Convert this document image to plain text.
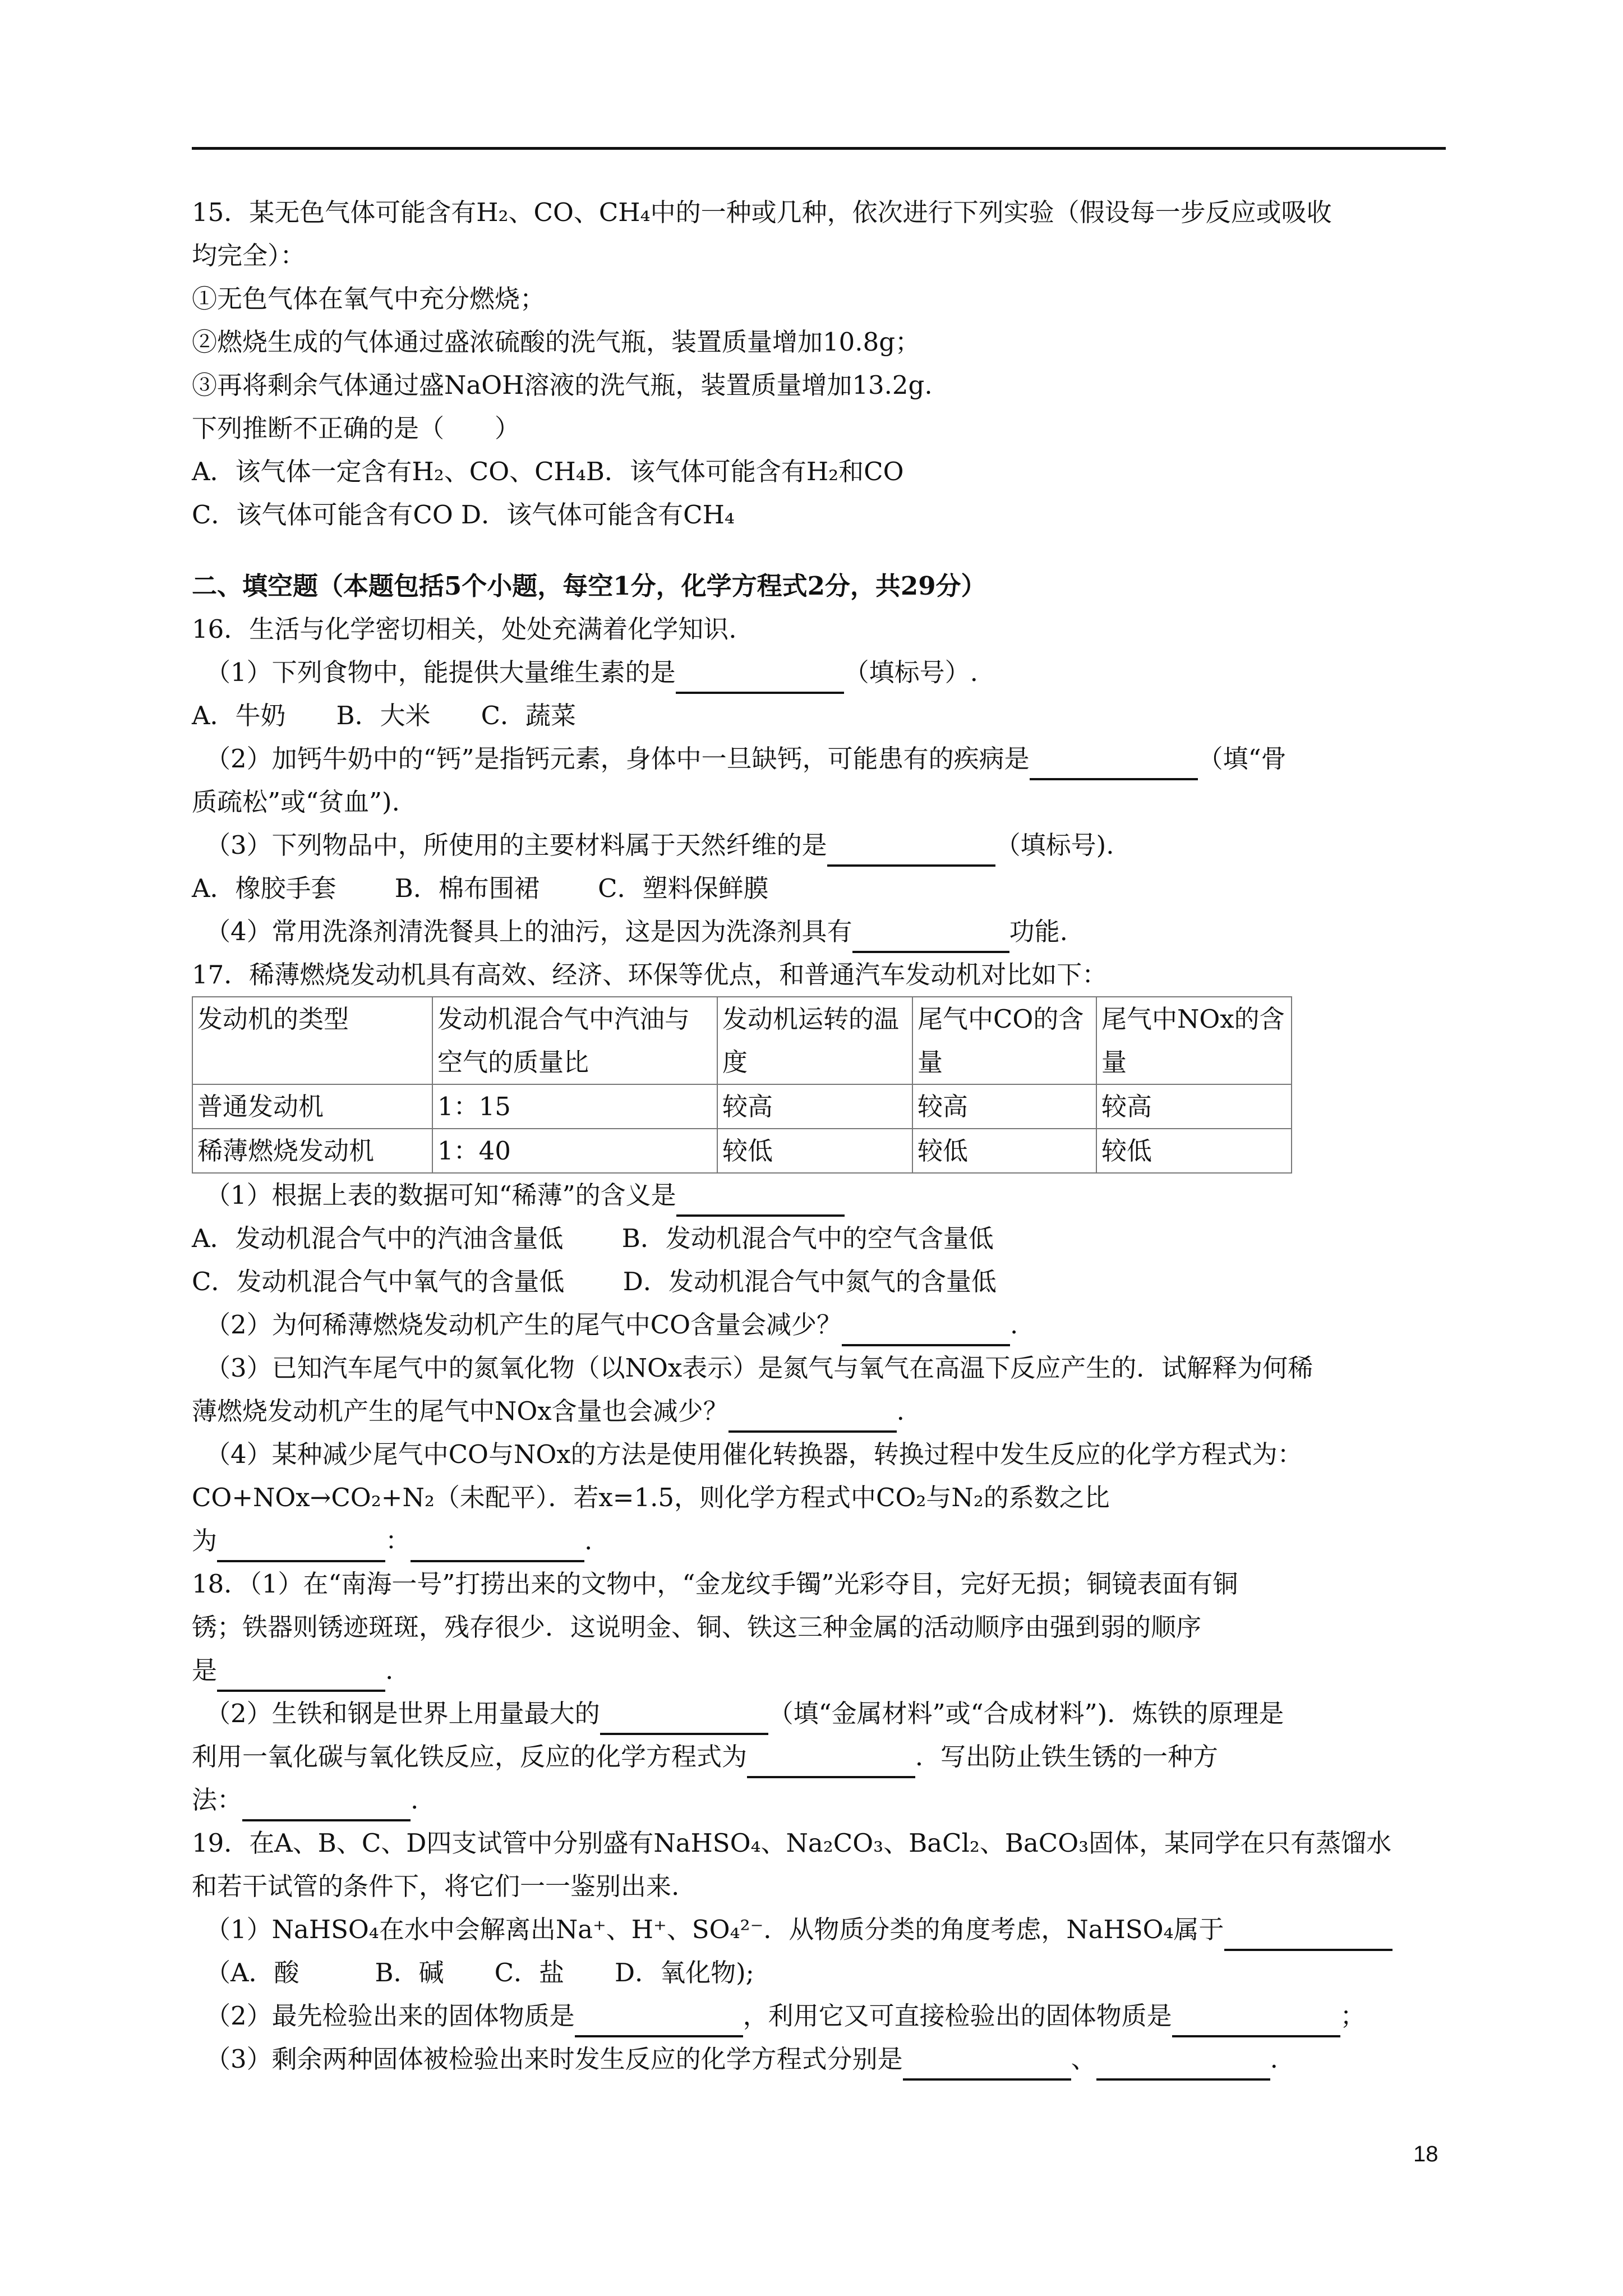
15．某无色气体可能含有H₂、CO、CH₄中的一种或几种，依次进行下列实验（假设每一步反应或吸收
均完全）：
①无色气体在氧气中充分燃烧；
②燃烧生成的气体通过盛浓硫酸的洗气瓶，装置质量增加10.8g；
③再将剩余气体通过盛NaOH溶液的洗气瓶，装置质量增加13.2g.
下列推断不正确的是（　　）
A．该气体一定含有H₂、CO、CH₄B．该气体可能含有H₂和CO
C．该气体可能含有CO D．该气体可能含有CH₄
二、填空题（本题包括5个小题，每空1分，化学方程式2分，共29分）
16．生活与化学密切相关，处处充满着化学知识.
（1）下列食物中，能提供大量维生素的是	（填标号）.
A．牛奶　　B．大米　　C．蔬菜
（2）加钙牛奶中的“钙”是指钙元素，身体中一旦缺钙，可能患有的疾病是	（填“骨
质疏松”或“贫血”).
（3）下列物品中，所使用的主要材料属于天然纤维的是	（填标号).
A．橡胶手套　　 B．棉布围裙　　 C．塑料保鲜膜
（4）常用洗涤剂清洗餐具上的油污，这是因为洗涤剂具有	功能.
17．稀薄燃烧发动机具有高效、经济、环保等优点，和普通汽车发动机对比如下：
发动机的类型	发动机混合气中汽油与空气的质量比	发动机运转的温度	尾气中CO的含量	尾气中NOx的含量
普通发动机	1：15	较高	较高	较高
稀薄燃烧发动机	1：40	较低	较低	较低
（1）根据上表的数据可知“稀薄”的含义是
A．发动机混合气中的汽油含量低　　 B．发动机混合气中的空气含量低
C．发动机混合气中氧气的含量低　　 D．发动机混合气中氮气的含量低
（2）为何稀薄燃烧发动机产生的尾气中CO含量会减少？	.
（3）已知汽车尾气中的氮氧化物（以NOx表示）是氮气与氧气在高温下反应产生的．试解释为何稀
薄燃烧发动机产生的尾气中NOx含量也会减少？	.
（4）某种减少尾气中CO与NOx的方法是使用催化转换器，转换过程中发生反应的化学方程式为：
CO+NOx→CO₂+N₂（未配平）．若x=1.5，则化学方程式中CO₂与N₂的系数之比
为	：	.
18．（1）在“南海一号”打捞出来的文物中，“金龙纹手镯”光彩夺目，完好无损；铜镜表面有铜
锈；铁器则锈迹斑斑，残存很少．这说明金、铜、铁这三种金属的活动顺序由强到弱的顺序
是	.
（2）生铁和钢是世界上用量最大的	（填“金属材料”或“合成材料”)．炼铁的原理是
利用一氧化碳与氧化铁反应，反应的化学方程式为	．写出防止铁生锈的一种方
法：	.
19．在A、B、C、D四支试管中分别盛有NaHSO₄、Na₂CO₃、BaCl₂、BaCO₃固体，某同学在只有蒸馏水
和若干试管的条件下，将它们一一鉴别出来.
（1）NaHSO₄在水中会解离出Na⁺、H⁺、SO₄²⁻．从物质分类的角度考虑，NaHSO₄属于
（A．酸　　　B．碱　　C．盐　　D．氧化物);
（2）最先检验出来的固体物质是	，利用它又可直接检验出的固体物质是	；
（3）剩余两种固体被检验出来时发生反应的化学方程式分别是	、	.
18
